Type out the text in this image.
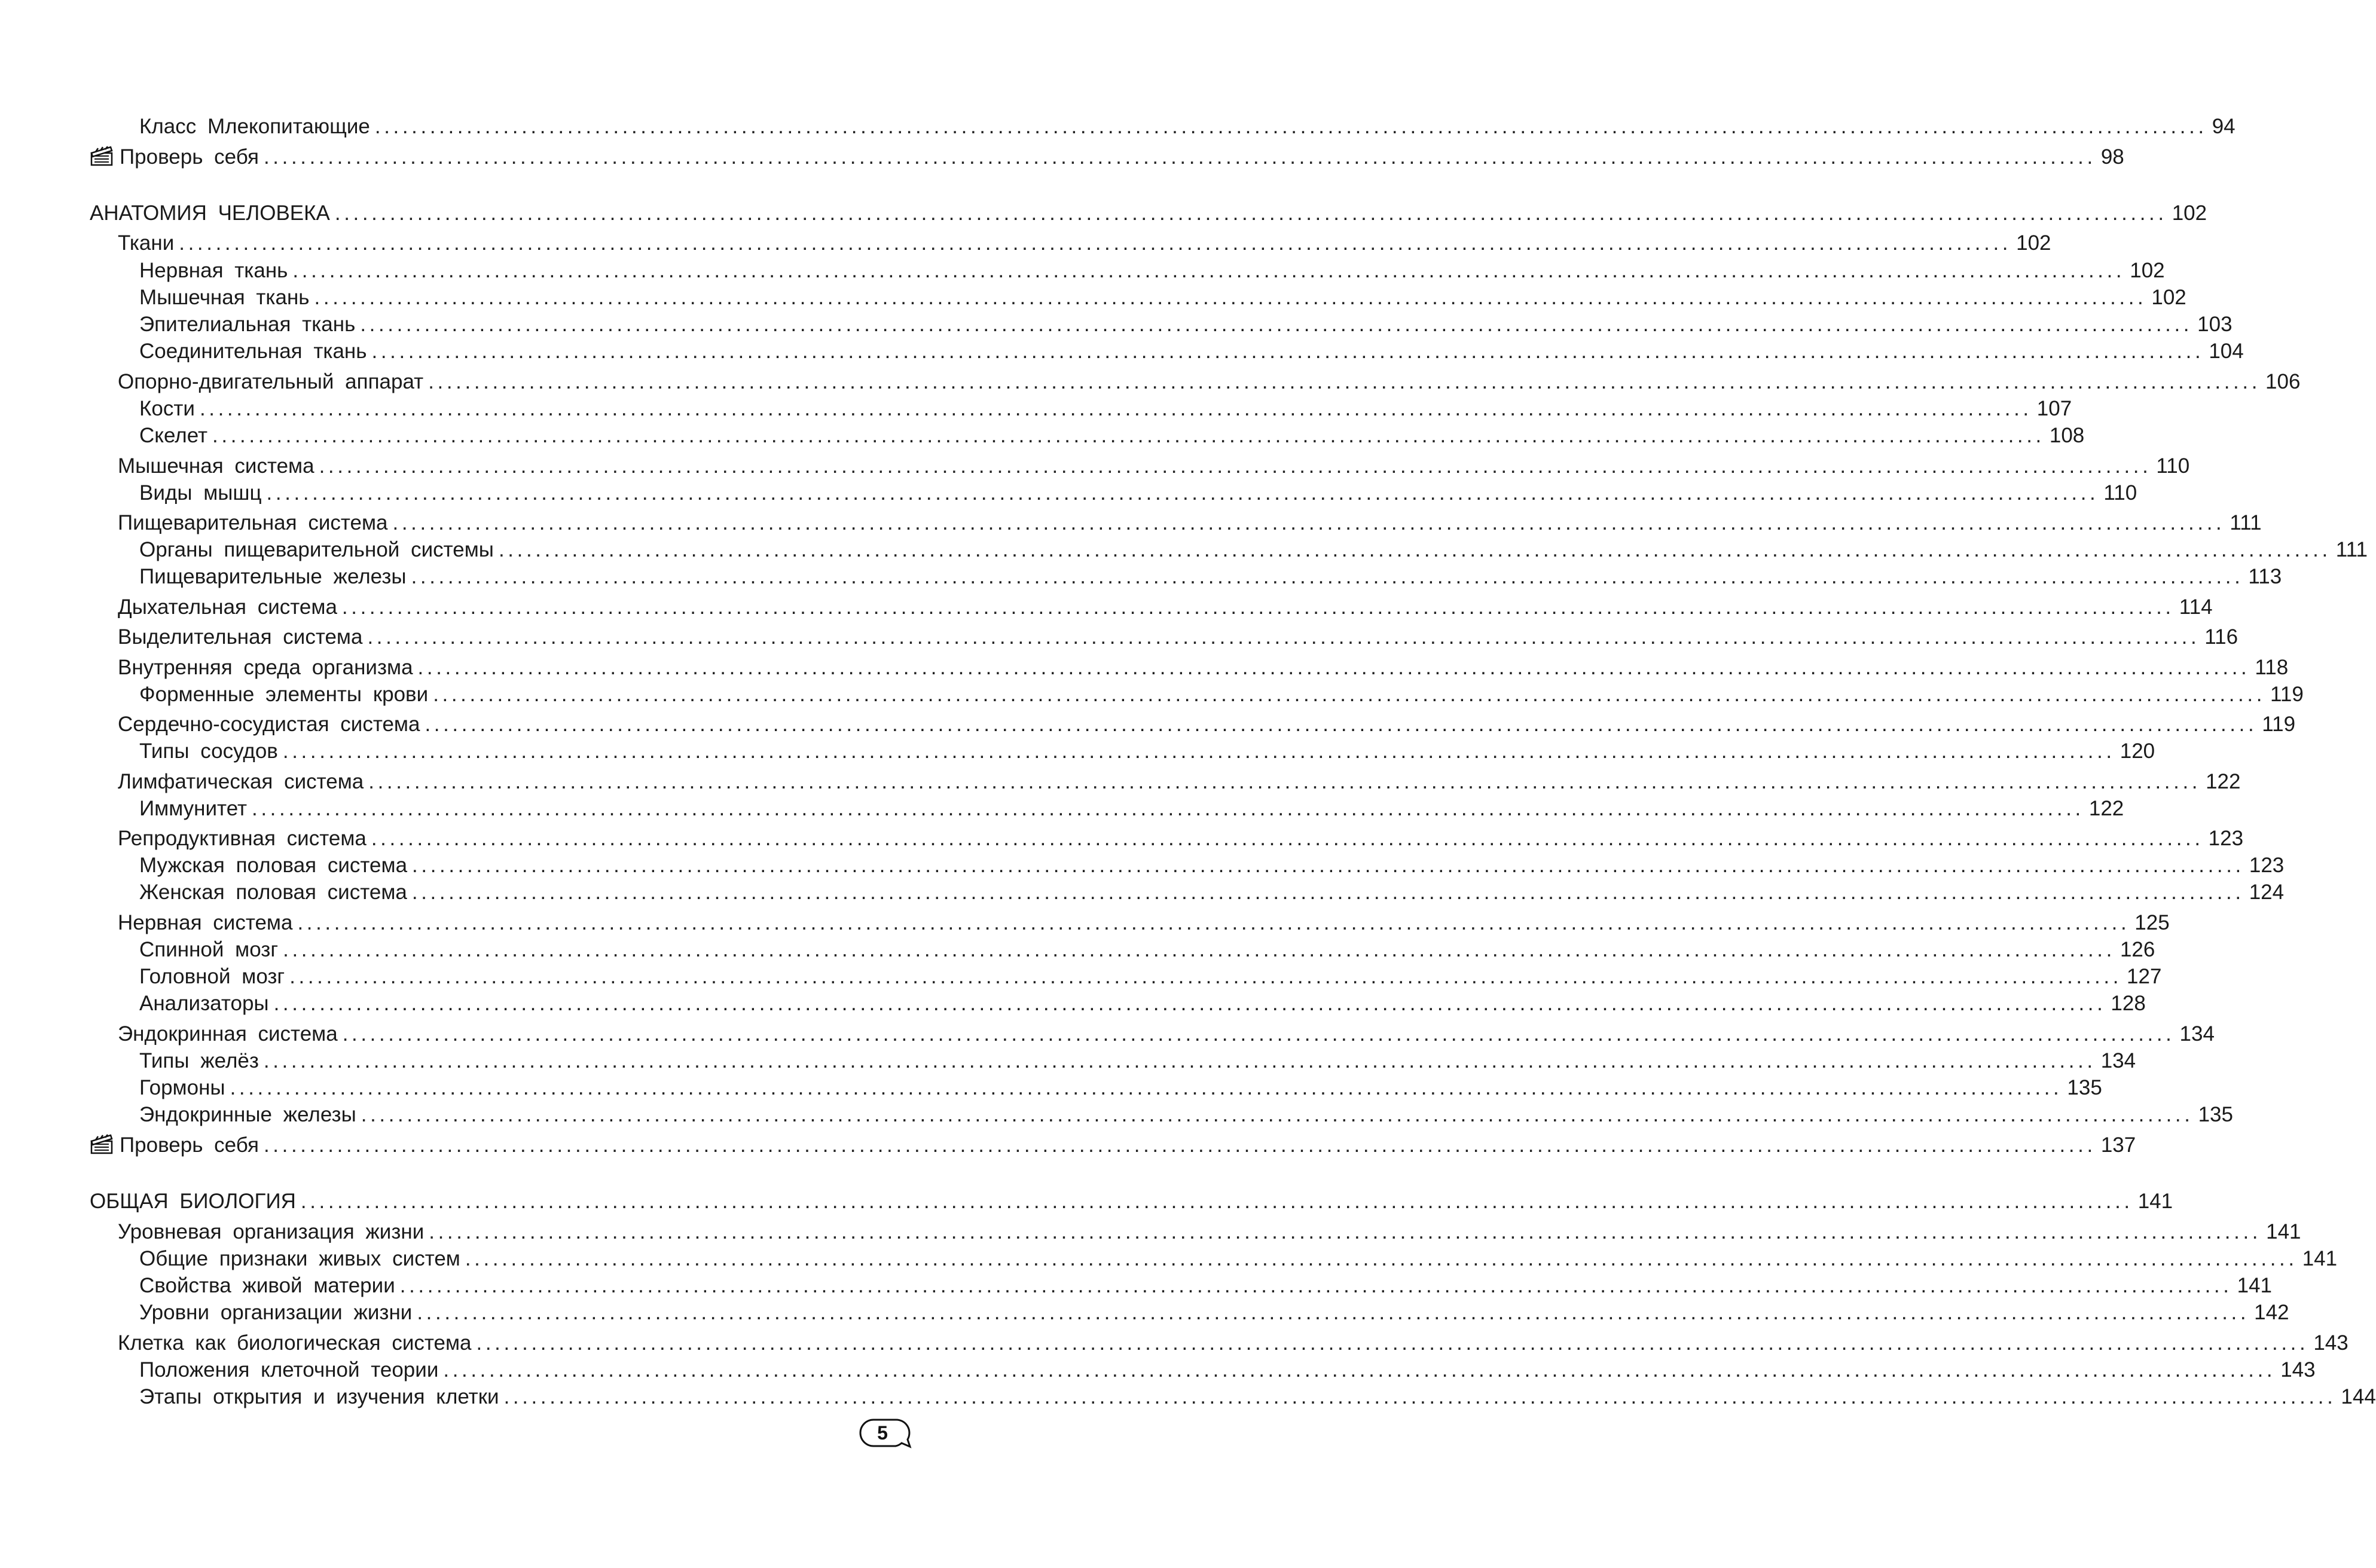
Класс Млекопитающие ........................................................................................................................................................................................................ 94
Проверь себя ........................................................................................................................................................................................................ 98
АНАТОМИЯ ЧЕЛОВЕКА ........................................................................................................................................................................................................ 102
Ткани ........................................................................................................................................................................................................ 102
Нервная ткань ........................................................................................................................................................................................................ 102
Мышечная ткань ........................................................................................................................................................................................................ 102
Эпителиальная ткань ........................................................................................................................................................................................................ 103
Соединительная ткань ........................................................................................................................................................................................................ 104
Опорно-двигательный аппарат ........................................................................................................................................................................................................ 106
Кости ........................................................................................................................................................................................................ 107
Скелет ........................................................................................................................................................................................................ 108
Мышечная система ........................................................................................................................................................................................................ 110
Виды мышц ........................................................................................................................................................................................................ 110
Пищеварительная система ........................................................................................................................................................................................................ 111
Органы пищеварительной системы ........................................................................................................................................................................................................ 111
Пищеварительные железы ........................................................................................................................................................................................................ 113
Дыхательная система ........................................................................................................................................................................................................ 114
Выделительная система ........................................................................................................................................................................................................ 116
Внутренняя среда организма ........................................................................................................................................................................................................ 118
Форменные элементы крови ........................................................................................................................................................................................................ 119
Сердечно-сосудистая система ........................................................................................................................................................................................................ 119
Типы сосудов ........................................................................................................................................................................................................ 120
Лимфатическая система ........................................................................................................................................................................................................ 122
Иммунитет ........................................................................................................................................................................................................ 122
Репродуктивная система ........................................................................................................................................................................................................ 123
Мужская половая система ........................................................................................................................................................................................................ 123
Женская половая система ........................................................................................................................................................................................................ 124
Нервная система ........................................................................................................................................................................................................ 125
Спинной мозг ........................................................................................................................................................................................................ 126
Головной мозг ........................................................................................................................................................................................................ 127
Анализаторы ........................................................................................................................................................................................................ 128
Эндокринная система ........................................................................................................................................................................................................ 134
Типы желёз ........................................................................................................................................................................................................ 134
Гормоны ........................................................................................................................................................................................................ 135
Эндокринные железы ........................................................................................................................................................................................................ 135
Проверь себя ........................................................................................................................................................................................................ 137
ОБЩАЯ БИОЛОГИЯ ........................................................................................................................................................................................................ 141
Уровневая организация жизни ........................................................................................................................................................................................................ 141
Общие признаки живых систем ........................................................................................................................................................................................................ 141
Свойства живой материи ........................................................................................................................................................................................................ 141
Уровни организации жизни ........................................................................................................................................................................................................ 142
Клетка как биологическая система ........................................................................................................................................................................................................ 143
Положения клеточной теории ........................................................................................................................................................................................................ 143
Этапы открытия и изучения клетки ........................................................................................................................................................................................................ 144
5
